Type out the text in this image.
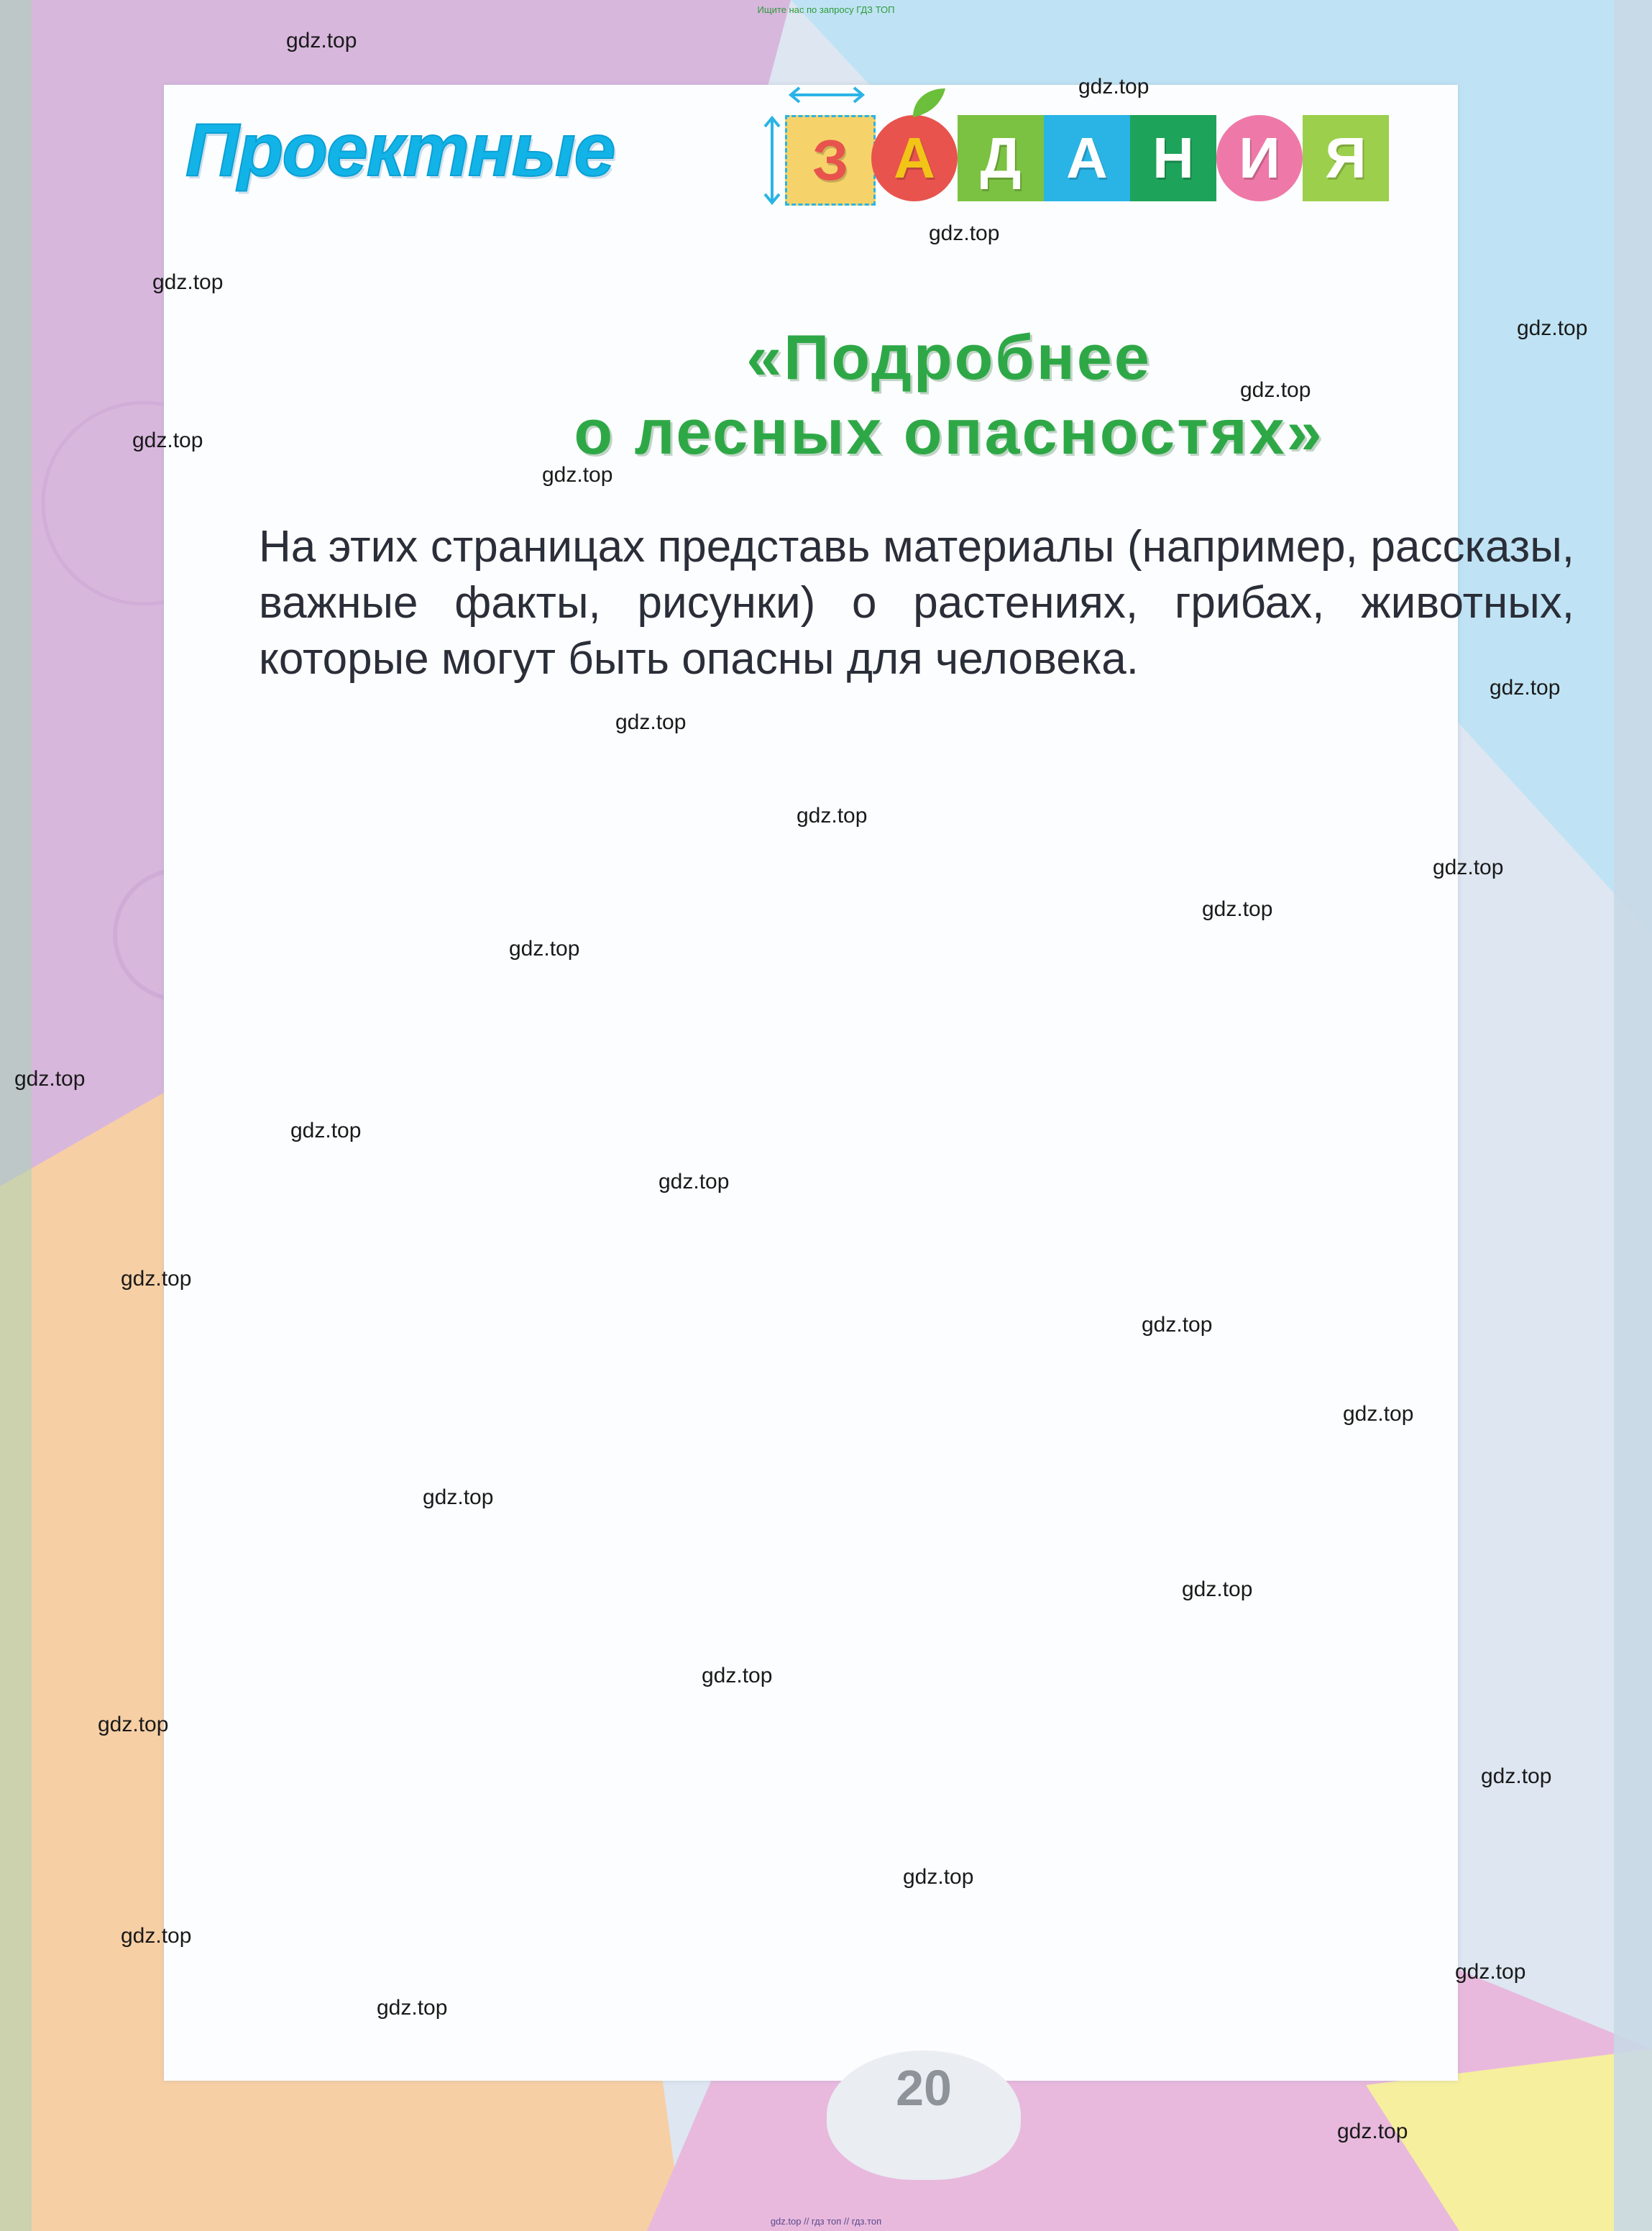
Ищите нас по запросу ГДЗ ТОП
Проектные	З А Д А Н И Я
«Подробнее
о лесных опасностях»
На этих страницах представь материалы (например, рассказы, важные факты, рисунки) о растениях, грибах, животных, которые могут быть опасны для человека.
20
gdz.top
gdz.top
gdz.top
gdz.top
gdz.top
gdz.top
gdz.top
gdz.top
gdz.top
gdz.top
gdz.top
gdz.top
gdz.top
gdz.top
gdz.top
gdz.top
gdz.top
gdz.top
gdz.top
gdz.top
gdz.top
gdz.top
gdz.top
gdz.top
gdz.top
gdz.top
gdz.top
gdz.top
gdz.top
gdz.top
gdz.top // гдз топ // гдз.топ
